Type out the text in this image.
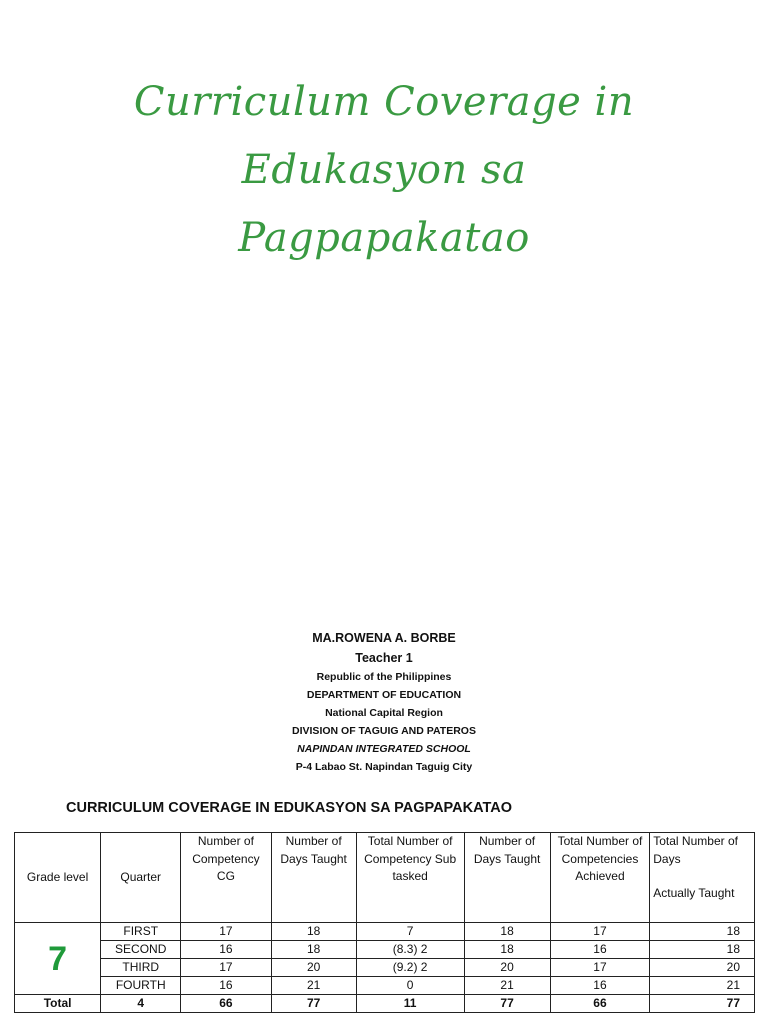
Curriculum Coverage in
Edukasyon sa
Pagpapakatao
MA.ROWENA A. BORBE
Teacher 1
Republic of the Philippines
DEPARTMENT OF EDUCATION
National Capital Region
DIVISION OF TAGUIG AND PATEROS
NAPINDAN INTEGRATED SCHOOL
P-4 Labao St. Napindan Taguig City
CURRICULUM COVERAGE IN EDUKASYON SA PAGPAPAKATAO
Grade level	Quarter	Number of Competency CG	Number of Days Taught	Total Number of Competency Sub tasked	Number of Days Taught	Total Number of Competencies Achieved	Total Number of Days
Actually Taught

7	FIRST	17	18	7	18	17	18
	SECOND	16	18	(8.3) 2	18	16	18
	THIRD	17	20	(9.2) 2	20	17	20
	FOURTH	16	21	0	21	16	21
Total	4	66	77	11	77	66	77
